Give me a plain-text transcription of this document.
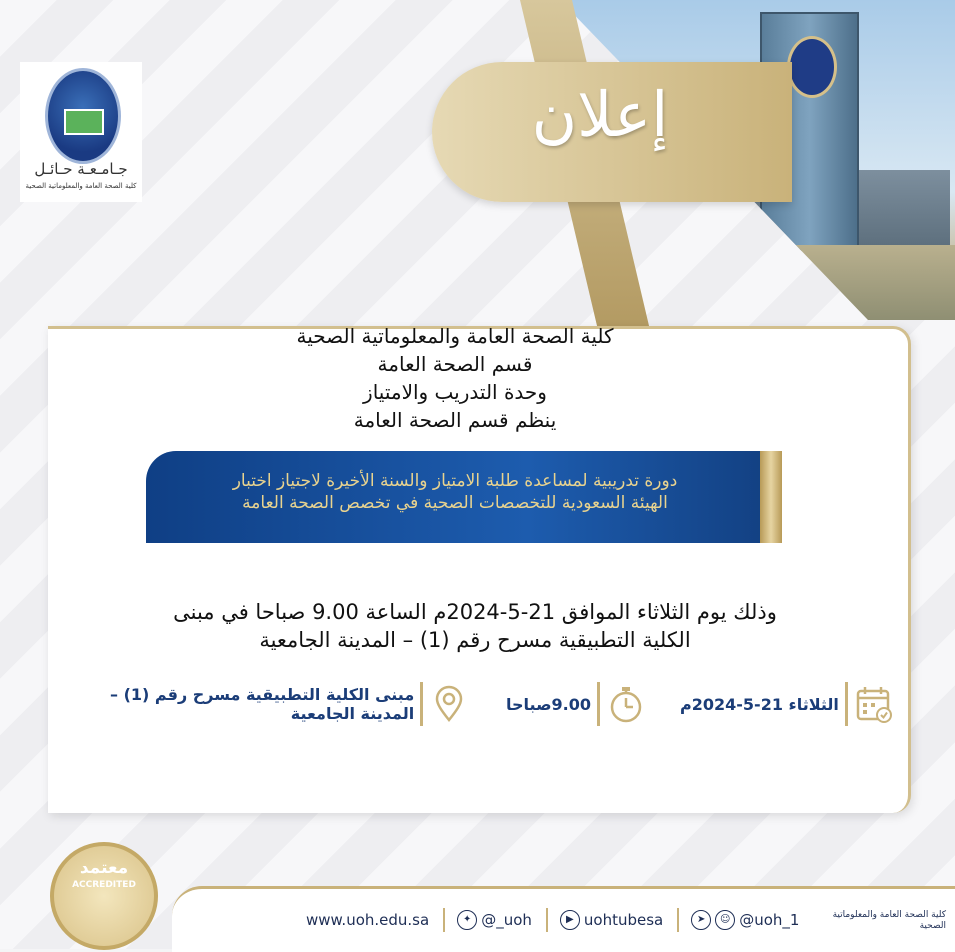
إعلان
جـامـعـة حـائـل
كلية الصحة العامة والمعلوماتية الصحية
كلية الصحة العامة والمعلوماتية الصحية
قسم الصحة العامة
وحدة التدريب والامتياز
ينظم قسم الصحة العامة
دورة تدريبية لمساعدة طلبة الامتياز والسنة الأخيرة لاجتياز اختبار
الهيئة السعودية للتخصصات الصحية في تخصص الصحة العامة
وذلك يوم الثلاثاء الموافق 21-5-2024م الساعة 9.00 صباحا في مبنى
الكلية التطبيقية مسرح رقم (1) – المدينة الجامعية
الثلاثاء 21-5-2024م
9.00صباحا
مبنى الكلية التطبيقية مسرح رقم (1) –
المدينة الجامعية
معتمد
ACCREDITED
www.uoh.edu.sa	✦ @_uoh	▶ uohtubesa	➤	☺ @uoh_1	كلية الصحة العامة والمعلوماتية الصحية
